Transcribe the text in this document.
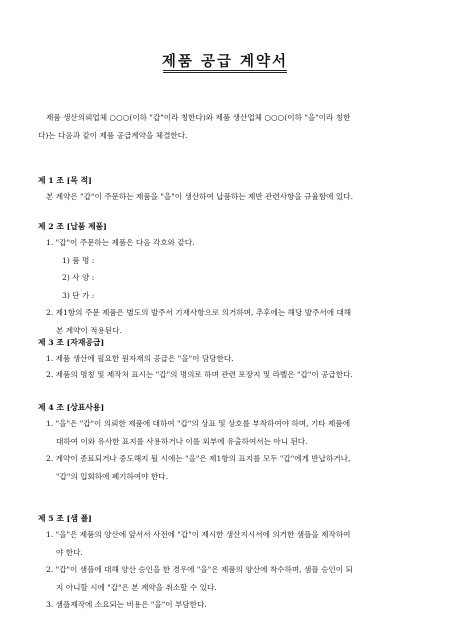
제품 공급 계약서
제품 생산의뢰업체 ○○○(이하 "갑"이라 칭한다)와 제품 생산업체 ○○○(이하 "을"이라 칭한
다)는 다음과 같이 제품 공급계약을 체결한다.
제 1 조 [목 적]
본 계약은 "갑"이 주문하는 제품을 "을"이 생산하여 납품하는 제반 관련사항을 규율함에 있다.
제 2 조 [납품 제품]
1. "갑"이 주문하는 제품은 다음 각호와 같다.
1) 품 명 :
2) 사 양 :
3) 단 가 :
2. 제1항의 주문 제품은 별도의 발주서 기재사항으로 의거하며, 추후에는 해당 발주서에 대해
본 계약이 적용된다.
제 3 조 [자재공급]
1. 제품 생산에 필요한 원자재의 공급은 "을"이 담당한다.
2. 제품의 명칭 및 제작처 표시는 "갑"의 명의로 하며 관련 포장지 및 라벨은 "갑"이 공급한다.
제 4 조 [상표사용]
1. "을"은 "갑"이 의뢰한 제품에 대하여 "갑"의 상표 및 상호를 부착하여야 하며, 기타 제품에
대하여 이와 유사한 표지를 사용하거나 이를 외부에 유출하여서는 아니 된다.
2. 계약이 종료되거나 중도해지 될 시에는 "을"은 제1항의 표지를 모두 "갑"에게 반납하거나,
"갑"의 입회하에 폐기하여야 한다.
제 5 조 [샘 플]
1. "을"은 제품의 양산에 앞서서 사전에 "갑"이 제시한 생산지시서에 의거한 샘플을 제작하여
야 한다.
2. "갑"이 샘플에 대해 양산 승인을 한 경우에 "을"은 제품의 양산에 착수하며, 샘플 승인이 되
지 아니할 시에 "갑"은 본 계약을 취소할 수 있다.
3. 샘플제작에 소요되는 비용은 "을"이 부담한다.
